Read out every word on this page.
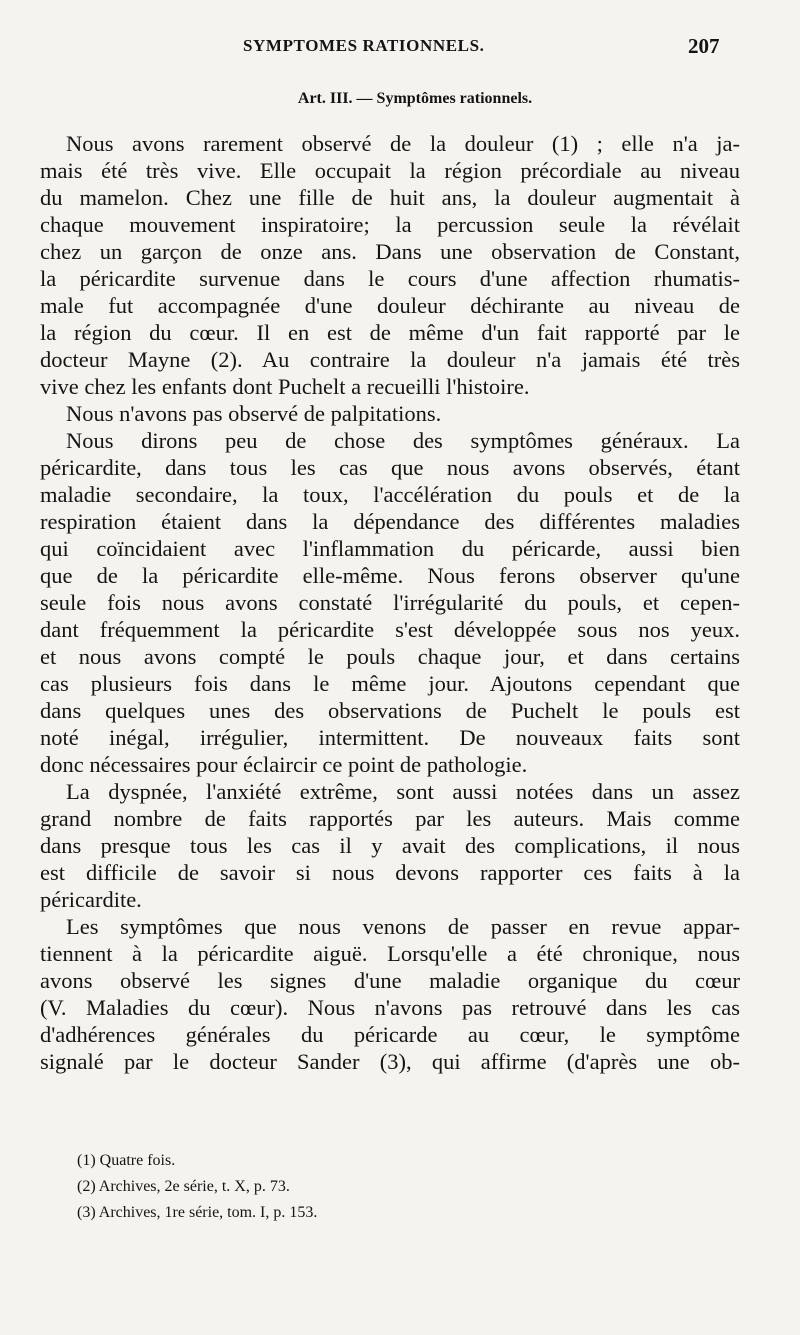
SYMPTOMES RATIONNELS.	207
Art. III. — Symptômes rationnels.
Nous avons rarement observé de la douleur (1) ; elle n'a ja-
mais été très vive. Elle occupait la région précordiale au niveau
du mamelon. Chez une fille de huit ans, la douleur augmentait à
chaque mouvement inspiratoire; la percussion seule la révélait
chez un garçon de onze ans. Dans une observation de Constant,
la péricardite survenue dans le cours d'une affection rhumatis-
male fut accompagnée d'une douleur déchirante au niveau de
la région du cœur. Il en est de même d'un fait rapporté par le
docteur Mayne (2). Au contraire la douleur n'a jamais été très
vive chez les enfants dont Puchelt a recueilli l'histoire.
Nous n'avons pas observé de palpitations.
Nous dirons peu de chose des symptômes généraux. La
péricardite, dans tous les cas que nous avons observés, étant
maladie secondaire, la toux, l'accélération du pouls et de la
respiration étaient dans la dépendance des différentes maladies
qui coïncidaient avec l'inflammation du péricarde, aussi bien
que de la péricardite elle-même. Nous ferons observer qu'une
seule fois nous avons constaté l'irrégularité du pouls, et cepen-
dant fréquemment la péricardite s'est développée sous nos yeux.
et nous avons compté le pouls chaque jour, et dans certains
cas plusieurs fois dans le même jour. Ajoutons cependant que
dans quelques unes des observations de Puchelt le pouls est
noté inégal, irrégulier, intermittent. De nouveaux faits sont
donc nécessaires pour éclaircir ce point de pathologie.
La dyspnée, l'anxiété extrême, sont aussi notées dans un assez
grand nombre de faits rapportés par les auteurs. Mais comme
dans presque tous les cas il y avait des complications, il nous
est difficile de savoir si nous devons rapporter ces faits à la
péricardite.
Les symptômes que nous venons de passer en revue appar-
tiennent à la péricardite aiguë. Lorsqu'elle a été chronique, nous
avons observé les signes d'une maladie organique du cœur
(V. Maladies du cœur). Nous n'avons pas retrouvé dans les cas
d'adhérences générales du péricarde au cœur, le symptôme
signalé par le docteur Sander (3), qui affirme (d'après une ob-
(1) Quatre fois.
(2) Archives, 2e série, t. X, p. 73.
(3) Archives, 1re série, tom. I, p. 153.
